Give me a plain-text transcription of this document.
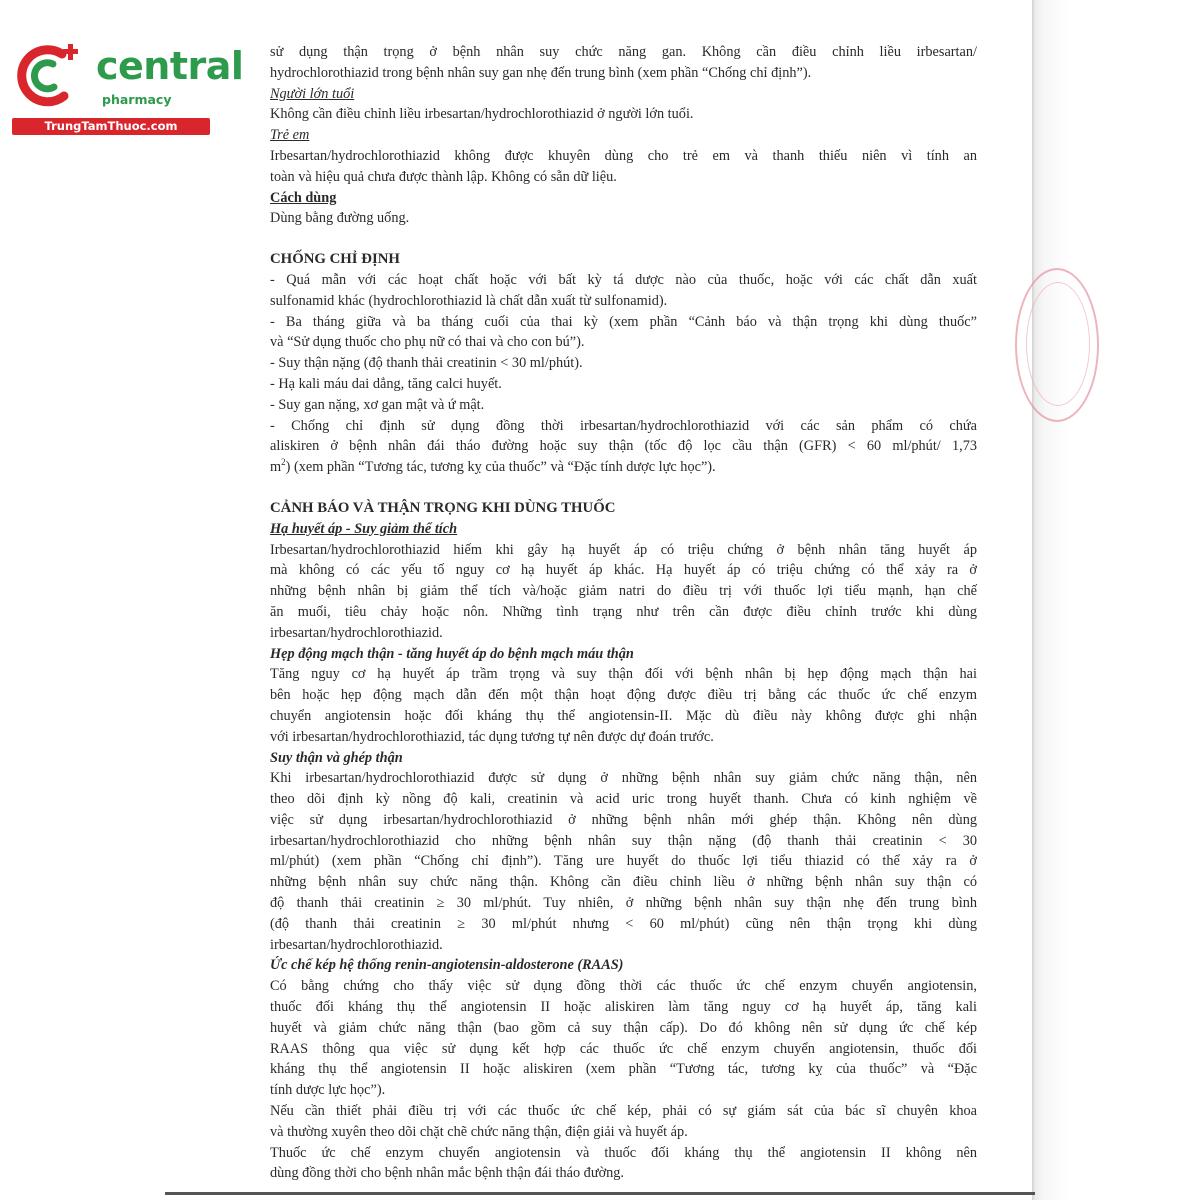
central
pharmacy
TrungTamThuoc.com
sử dụng thận trọng ở bệnh nhân suy chức năng gan. Không cần điều chỉnh liều irbesartan/
hydrochlorothiazid trong bệnh nhân suy gan nhẹ đến trung bình (xem phần “Chống chỉ định”).
Người lớn tuổi
Không cần điều chỉnh liều irbesartan/hydrochlorothiazid ở người lớn tuổi.
Trẻ em
Irbesartan/hydrochlorothiazid không được khuyên dùng cho trẻ em và thanh thiếu niên vì tính an
toàn và hiệu quả chưa được thành lập. Không có sẵn dữ liệu.
Cách dùng
Dùng bằng đường uống.
CHỐNG CHỈ ĐỊNH
- Quá mẫn với các hoạt chất hoặc với bất kỳ tá dược nào của thuốc, hoặc với các chất dẫn xuất
sulfonamid khác (hydrochlorothiazid là chất dẫn xuất từ sulfonamid).
- Ba tháng giữa và ba tháng cuối của thai kỳ (xem phần “Cảnh báo và thận trọng khi dùng thuốc”
và “Sử dụng thuốc cho phụ nữ có thai và cho con bú”).
- Suy thận nặng (độ thanh thải creatinin < 30 ml/phút).
- Hạ kali máu dai dẳng, tăng calci huyết.
- Suy gan nặng, xơ gan mật và ứ mật.
- Chống chỉ định sử dụng đồng thời irbesartan/hydrochlorothiazid với các sản phẩm có chứa
aliskiren ở bệnh nhân đái tháo đường hoặc suy thận (tốc độ lọc cầu thận (GFR) < 60 ml/phút/ 1,73
$m^2$) (xem phần “Tương tác, tương kỵ của thuốc” và “Đặc tính dược lực học”).
CẢNH BÁO VÀ THẬN TRỌNG KHI DÙNG THUỐC
Hạ huyết áp - Suy giảm thể tích
Irbesartan/hydrochlorothiazid hiếm khi gây hạ huyết áp có triệu chứng ở bệnh nhân tăng huyết áp
mà không có các yếu tố nguy cơ hạ huyết áp khác. Hạ huyết áp có triệu chứng có thể xảy ra ở
những bệnh nhân bị giảm thể tích và/hoặc giảm natri do điều trị với thuốc lợi tiểu mạnh, hạn chế
ăn muối, tiêu chảy hoặc nôn. Những tình trạng như trên cần được điều chỉnh trước khi dùng
irbesartan/hydrochlorothiazid.
Hẹp động mạch thận - tăng huyết áp do bệnh mạch máu thận
Tăng nguy cơ hạ huyết áp trầm trọng và suy thận đối với bệnh nhân bị hẹp động mạch thận hai
bên hoặc hẹp động mạch dẫn đến một thận hoạt động được điều trị bằng các thuốc ức chế enzym
chuyển angiotensin hoặc đối kháng thụ thể angiotensin-II. Mặc dù điều này không được ghi nhận
với irbesartan/hydrochlorothiazid, tác dụng tương tự nên được dự đoán trước.
Suy thận và ghép thận
Khi irbesartan/hydrochlorothiazid được sử dụng ở những bệnh nhân suy giảm chức năng thận, nên
theo dõi định kỳ nồng độ kali, creatinin và acid uric trong huyết thanh. Chưa có kinh nghiệm về
việc sử dụng irbesartan/hydrochlorothiazid ở những bệnh nhân mới ghép thận. Không nên dùng
irbesartan/hydrochlorothiazid cho những bệnh nhân suy thận nặng (độ thanh thải creatinin < 30
ml/phút) (xem phần “Chống chỉ định”). Tăng ure huyết do thuốc lợi tiểu thiazid có thể xảy ra ở
những bệnh nhân suy chức năng thận. Không cần điều chỉnh liều ở những bệnh nhân suy thận có
độ thanh thải creatinin ≥ 30 ml/phút. Tuy nhiên, ở những bệnh nhân suy thận nhẹ đến trung bình
(độ thanh thải creatinin ≥ 30 ml/phút nhưng < 60 ml/phút) cũng nên thận trọng khi dùng
irbesartan/hydrochlorothiazid.
Ức chế kép hệ thống renin-angiotensin-aldosterone (RAAS)
Có bằng chứng cho thấy việc sử dụng đồng thời các thuốc ức chế enzym chuyển angiotensin,
thuốc đối kháng thụ thể angiotensin II hoặc aliskiren làm tăng nguy cơ hạ huyết áp, tăng kali
huyết và giảm chức năng thận (bao gồm cả suy thận cấp). Do đó không nên sử dụng ức chế kép
RAAS thông qua việc sử dụng kết hợp các thuốc ức chế enzym chuyển angiotensin, thuốc đối
kháng thụ thể angiotensin II hoặc aliskiren (xem phần “Tương tác, tương kỵ của thuốc” và “Đặc
tính dược lực học”).
Nếu cần thiết phải điều trị với các thuốc ức chế kép, phải có sự giám sát của bác sĩ chuyên khoa
và thường xuyên theo dõi chặt chẽ chức năng thận, điện giải và huyết áp.
Thuốc ức chế enzym chuyển angiotensin và thuốc đối kháng thụ thể angiotensin II không nên
dùng đồng thời cho bệnh nhân mắc bệnh thận đái tháo đường.
